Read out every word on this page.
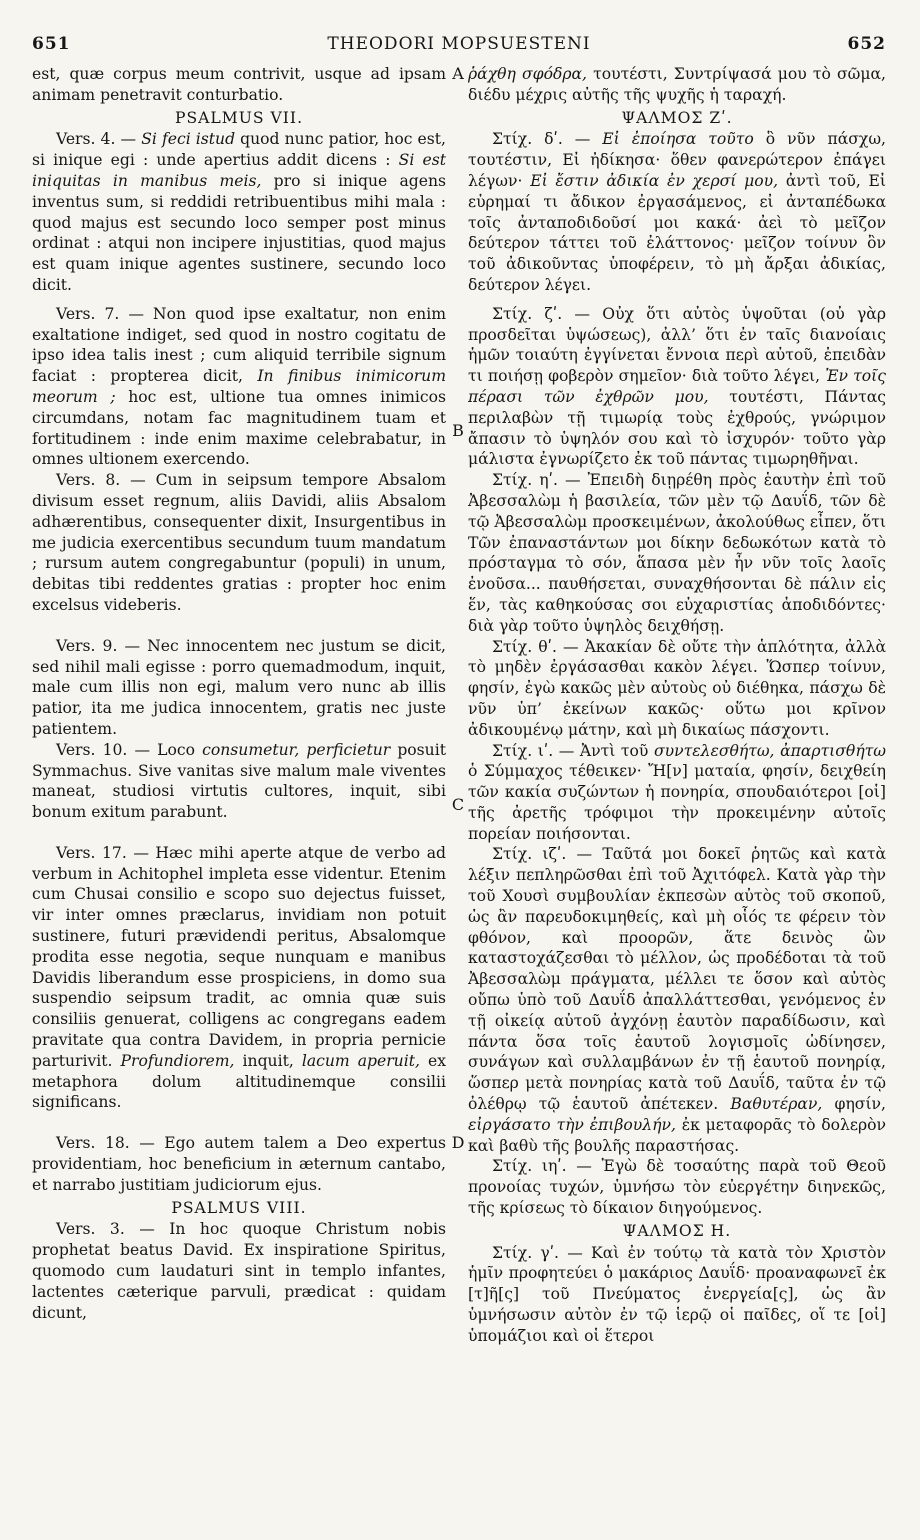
651	THEODORI MOPSUESTENI	652
A
B
C
D

est, quæ corpus meum contrivit, usque ad ipsam animam penetravit conturbatio.

PSALMUS VII.

Vers. 4. — Si feci istud quod nunc patior, hoc est, si inique egi : unde apertius addit dicens : Si est iniquitas in manibus meis, pro si inique agens inventus sum, si reddidi retribuentibus mihi mala : quod majus est secundo loco semper post minus ordinat : atqui non incipere injustitias, quod majus est quam inique agentes sustinere, secundo loco dicit.

Vers. 7. — Non quod ipse exaltatur, non enim exaltatione indiget, sed quod in nostro cogitatu de ipso idea talis inest ; cum aliquid terribile signum faciat : propterea dicit, In finibus inimicorum meorum ; hoc est, ultione tua omnes inimicos circumdans, notam fac magnitudinem tuam et fortitudinem : inde enim maxime celebrabatur, in omnes ultionem exercendo.

Vers. 8. — Cum in seipsum tempore Absalom divisum esset regnum, aliis Davidi, aliis Absalom adhærentibus, consequenter dixit, Insurgentibus in me judicia exercentibus secundum tuum mandatum ; rursum autem congregabuntur (populi) in unum, debitas tibi reddentes gratias : propter hoc enim excelsus videberis.

Vers. 9. — Nec innocentem nec justum se dicit, sed nihil mali egisse : porro quemadmodum, inquit, male cum illis non egi, malum vero nunc ab illis patior, ita me judica innocentem, gratis nec juste patientem.

Vers. 10. — Loco consumetur, perficietur posuit Symmachus. Sive vanitas sive malum male viventes maneat, studiosi virtutis cultores, inquit, sibi bonum exitum parabunt.

Vers. 17. — Hæc mihi aperte atque de verbo ad verbum in Achitophel impleta esse videntur. Etenim cum Chusai consilio e scopo suo dejectus fuisset, vir inter omnes præclarus, invidiam non potuit sustinere, futuri prævidendi peritus, Absalomque prodita esse negotia, seque nunquam e manibus Davidis liberandum esse prospiciens, in domo sua suspendio seipsum tradit, ac omnia quæ suis consiliis genuerat, colligens ac congregans eadem pravitate qua contra Davidem, in propria pernicie parturivit. Profundiorem, inquit, lacum aperuit, ex metaphora dolum altitudinemque consilii significans.

Vers. 18. — Ego autem talem a Deo expertus providentiam, hoc beneficium in æternum cantabo, et narrabo justitiam judiciorum ejus.

PSALMUS VIII.

Vers. 3. — In hoc quoque Christum nobis prophetat beatus David. Ex inspiratione Spiritus, quomodo cum laudaturi sint in templo infantes, lactentes cæterique parvuli, prædicat : quidam dicunt,

ῥάχθη σφόδρα, τουτέστι, Συντρίψασά μου τὸ σῶμα, διέδυ μέχρις αὐτῆς τῆς ψυχῆς ἡ ταραχή.

ΨΑΛΜΟΣ Ζʹ.

Στίχ. δʹ. — Εἰ ἐποίησα τοῦτο ὃ νῦν πάσχω, τουτέστιν, Εἰ ἠδίκησα· ὅθεν φανερώτερον ἐπάγει λέγων· Εἰ ἔστιν ἀδικία ἐν χερσί μου, ἀντὶ τοῦ, Εἰ εὑρημαί τι ἄδικον ἐργασάμενος, εἰ ἀνταπέδωκα τοῖς ἀνταποδιδοῦσί μοι κακά· ἀεὶ τὸ μεῖζον δεύτερον τάττει τοῦ ἐλάττονος· μεῖζον τοίνυν ὂν τοῦ ἀδικοῦντας ὑποφέρειν, τὸ μὴ ἄρξαι ἀδικίας, δεύτερον λέγει.

Στίχ. ζʹ. — Οὐχ ὅτι αὐτὸς ὑψοῦται (οὐ γὰρ προσδεῖται ὑψώσεως), ἀλλ’ ὅτι ἐν ταῖς διανοίαις ἡμῶν τοιαύτη ἐγγίνεται ἔννοια περὶ αὐτοῦ, ἐπειδὰν τι ποιήσῃ φοβερὸν σημεῖον· διὰ τοῦτο λέγει, Ἐν τοῖς πέρασι τῶν ἐχθρῶν μου, τουτέστι, Πάντας περιλαβὼν τῇ τιμωρίᾳ τοὺς ἐχθρούς, γνώριμον ἄπασιν τὸ ὑψηλόν σου καὶ τὸ ἰσχυρόν· τοῦτο γὰρ μάλιστα ἐγνωρίζετο ἐκ τοῦ πάντας τιμωρηθῆναι.

Στίχ. ηʹ. — Ἐπειδὴ διῃρέθη πρὸς ἑαυτὴν ἐπὶ τοῦ Ἀβεσσαλὼμ ἡ βασιλεία, τῶν μὲν τῷ Δαυΐδ, τῶν δὲ τῷ Ἀβεσσαλὼμ προσκειμένων, ἀκολούθως εἶπεν, ὅτι Τῶν ἐπαναστάντων μοι δίκην δεδωκότων κατὰ τὸ πρόσταγμα τὸ σόν, ἅπασα μὲν ἦν νῦν τοῖς λαοῖς ἐνοῦσα... παυθήσεται, συναχθήσονται δὲ πάλιν εἰς ἕν, τὰς καθηκούσας σοι εὐχαριστίας ἀποδιδόντες· διὰ γὰρ τοῦτο ὑψηλὸς δειχθήσῃ.

Στίχ. θʹ. — Ἀκακίαν δὲ οὔτε τὴν ἁπλότητα, ἀλλὰ τὸ μηδὲν ἐργάσασθαι κακὸν λέγει. Ὥσπερ τοίνυν, φησίν, ἐγὼ κακῶς μὲν αὐτοὺς οὐ διέθηκα, πάσχω δὲ νῦν ὑπ’ ἐκείνων κακῶς· οὕτω μοι κρῖνον ἀδικουμένῳ μάτην, καὶ μὴ δικαίως πάσχοντι.

Στίχ. ιʹ. — Ἀντὶ τοῦ συντελεσθήτω, ἀπαρτισθήτω ὁ Σύμμαχος τέθεικεν· Ἤ[ν] ματαία, φησίν, δειχθείη τῶν κακία συζώντων ἡ πονηρία, σπουδαιότεροι [οἱ] τῆς ἀρετῆς τρόφιμοι τὴν προκειμένην αὐτοῖς πορείαν ποιήσονται.

Στίχ. ιζʹ. — Ταῦτά μοι δοκεῖ ῥητῶς καὶ κατὰ λέξιν πεπληρῶσθαι ἐπὶ τοῦ Ἀχιτόφελ. Κατὰ γὰρ τὴν τοῦ Χουσὶ συμβουλίαν ἐκπεσὼν αὐτὸς τοῦ σκοποῦ, ὡς ἂν παρευδοκιμηθείς, καὶ μὴ οἷός τε φέρειν τὸν φθόνον, καὶ προορῶν, ἅτε δεινὸς ὢν καταστοχάζεσθαι τὸ μέλλον, ὡς προδέδοται τὰ τοῦ Ἀβεσσαλὼμ πράγματα, μέλλει τε ὅσον καὶ αὐτὸς οὔπω ὑπὸ τοῦ Δαυΐδ ἀπαλλάττεσθαι, γενόμενος ἐν τῇ οἰκείᾳ αὐτοῦ ἀγχόνῃ ἑαυτὸν παραδίδωσιν, καὶ πάντα ὅσα τοῖς ἑαυτοῦ λογισμοῖς ὠδίνησεν, συνάγων καὶ συλλαμβάνων ἐν τῇ ἑαυτοῦ πονηρίᾳ, ὥσπερ μετὰ πονηρίας κατὰ τοῦ Δαυΐδ, ταῦτα ἐν τῷ ὀλέθρῳ τῷ ἑαυτοῦ ἀπέτεκεν. Βαθυτέραν, φησίν, εἰργάσατο τὴν ἐπιβουλήν, ἐκ μεταφορᾶς τὸ δολερὸν καὶ βαθὺ τῆς βουλῆς παραστήσας.

Στίχ. ιηʹ. — Ἐγὼ δὲ τοσαύτης παρὰ τοῦ Θεοῦ προνοίας τυχών, ὑμνήσω τὸν εὐεργέτην διηνεκῶς, τῆς κρίσεως τὸ δίκαιον διηγούμενος.

ΨΑΛΜΟΣ Η.

Στίχ. γʹ. — Καὶ ἐν τούτῳ τὰ κατὰ τὸν Χριστὸν ἡμῖν προφητεύει ὁ μακάριος Δαυΐδ· προαναφωνεῖ ἐκ [τ]ῆ[ς] τοῦ Πνεύματος ἐνεργεία[ς], ὡς ἂν ὑμνήσωσιν αὐτὸν ἐν τῷ ἱερῷ οἱ παῖδες, οἵ τε [οἱ] ὑπομάζιοι καὶ οἱ ἕτεροι
